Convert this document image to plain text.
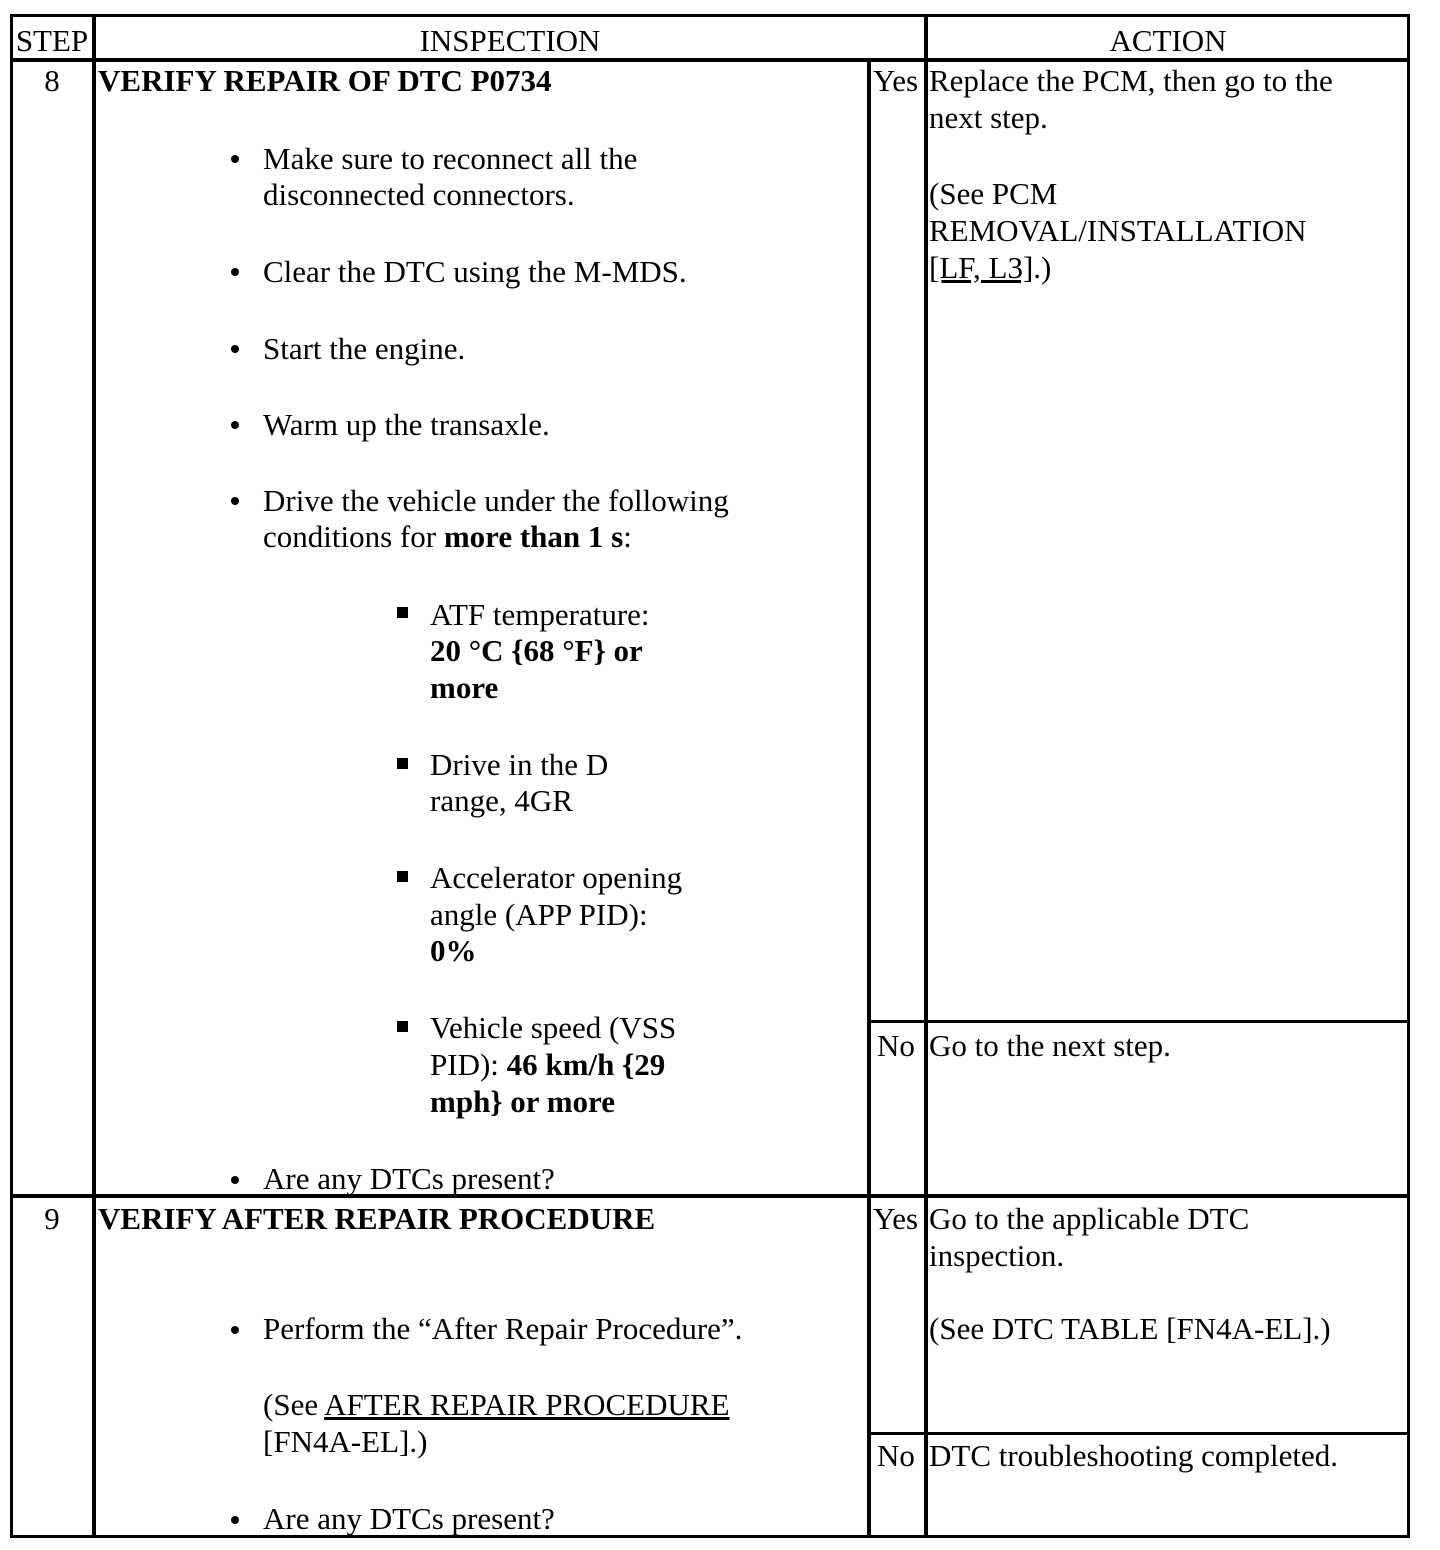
STEP	INSPECTION	ACTION
8	VERIFY REPAIR OF DTC P0734
Make sure to reconnect all the
disconnected connectors.
Clear the DTC using the M-MDS.
Start the engine.
Warm up the transaxle.
Drive the vehicle under the following
conditions for more than 1 s:
ATF temperature:
20 °C {68 °F} or
more
Drive in the D
range, 4GR
Accelerator opening
angle (APP PID):
0%
Vehicle speed (VSS
PID): 46 km/h {29
mph} or more
Are any DTCs present?
Yes Replace the PCM, then go to the
next step.
(See PCM
REMOVAL/INSTALLATION
[LF, L3].)
No Go to the next step.
9	VERIFY AFTER REPAIR PROCEDURE
Perform the “After Repair Procedure”.
(See AFTER REPAIR PROCEDURE
[FN4A-EL].)
Are any DTCs present?
Yes Go to the applicable DTC
inspection.
(See DTC TABLE [FN4A-EL].)
No DTC troubleshooting completed.
